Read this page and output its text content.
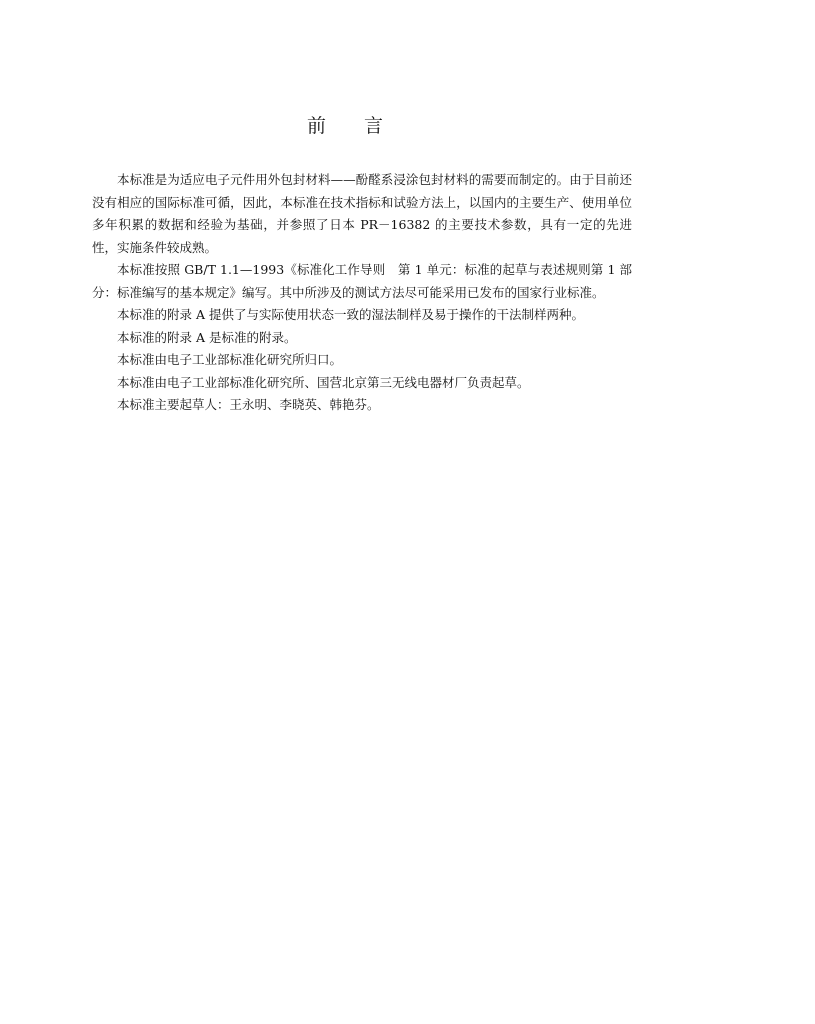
前言

本标准是为适应电子元件用外包封材料——酚醛系浸涂包封材料的需要而制定的。由于目前还没有相应的国际标准可循，因此，本标准在技术指标和试验方法上，以国内的主要生产、使用单位多年积累的数据和经验为基础，并参照了日本 PR－16382 的主要技术参数，具有一定的先进性，实施条件较成熟。

本标准按照 GB/T 1.1—1993《标准化工作导则　第 1 单元：标准的起草与表述规则第 1 部分：标准编写的基本规定》编写。其中所涉及的测试方法尽可能采用已发布的国家行业标准。

本标准的附录 A 提供了与实际使用状态一致的湿法制样及易于操作的干法制样两种。

本标准的附录 A 是标准的附录。

本标准由电子工业部标准化研究所归口。

本标准由电子工业部标准化研究所、国营北京第三无线电器材厂负责起草。

本标准主要起草人：王永明、李晓英、韩艳芬。
